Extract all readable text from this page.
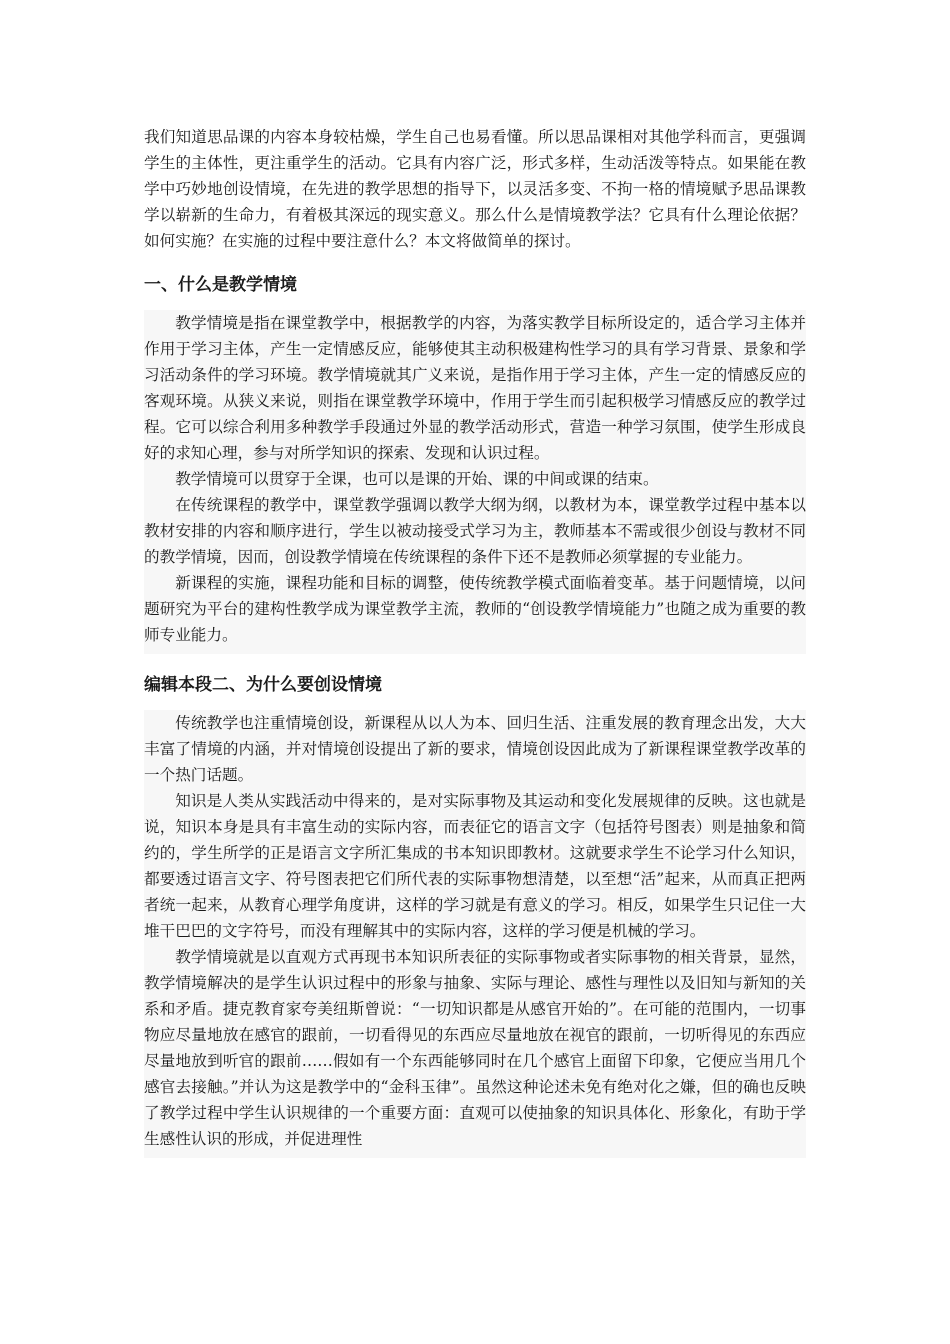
我们知道思品课的内容本身较枯燥，学生自己也易看懂。所以思品课相对其他学科而言，更强调学生的主体性，更注重学生的活动。它具有内容广泛，形式多样，生动活泼等特点。如果能在教学中巧妙地创设情境，在先进的教学思想的指导下，以灵活多变、不拘一格的情境赋予思品课教学以崭新的生命力，有着极其深远的现实意义。那么什么是情境教学法？它具有什么理论依据？如何实施？在实施的过程中要注意什么？本文将做简单的探讨。

一、什么是教学情境

教学情境是指在课堂教学中，根据教学的内容，为落实教学目标所设定的，适合学习主体并作用于学习主体，产生一定情感反应，能够使其主动积极建构性学习的具有学习背景、景象和学习活动条件的学习环境。教学情境就其广义来说，是指作用于学习主体，产生一定的情感反应的客观环境。从狭义来说，则指在课堂教学环境中，作用于学生而引起积极学习情感反应的教学过程。它可以综合利用多种教学手段通过外显的教学活动形式，营造一种学习氛围，使学生形成良好的求知心理，参与对所学知识的探索、发现和认识过程。

教学情境可以贯穿于全课，也可以是课的开始、课的中间或课的结束。

在传统课程的教学中，课堂教学强调以教学大纲为纲，以教材为本，课堂教学过程中基本以教材安排的内容和顺序进行，学生以被动接受式学习为主，教师基本不需或很少创设与教材不同的教学情境，因而，创设教学情境在传统课程的条件下还不是教师必须掌握的专业能力。

新课程的实施，课程功能和目标的调整，使传统教学模式面临着变革。基于问题情境，以问题研究为平台的建构性教学成为课堂教学主流，教师的“创设教学情境能力”也随之成为重要的教师专业能力。

编辑本段二、为什么要创设情境

传统教学也注重情境创设，新课程从以人为本、回归生活、注重发展的教育理念出发，大大丰富了情境的内涵，并对情境创设提出了新的要求，情境创设因此成为了新课程课堂教学改革的一个热门话题。

知识是人类从实践活动中得来的，是对实际事物及其运动和变化发展规律的反映。这也就是说，知识本身是具有丰富生动的实际内容，而表征它的语言文字（包括符号图表）则是抽象和简约的，学生所学的正是语言文字所汇集成的书本知识即教材。这就要求学生不论学习什么知识，都要透过语言文字、符号图表把它们所代表的实际事物想清楚，以至想“活”起来，从而真正把两者统一起来，从教育心理学角度讲，这样的学习就是有意义的学习。相反，如果学生只记住一大堆干巴巴的文字符号，而没有理解其中的实际内容，这样的学习便是机械的学习。

教学情境就是以直观方式再现书本知识所表征的实际事物或者实际事物的相关背景，显然，教学情境解决的是学生认识过程中的形象与抽象、实际与理论、感性与理性以及旧知与新知的关系和矛盾。捷克教育家夸美纽斯曾说：“一切知识都是从感官开始的”。在可能的范围内，一切事物应尽量地放在感官的跟前，一切看得见的东西应尽量地放在视官的跟前，一切听得见的东西应尽量地放到听官的跟前……假如有一个东西能够同时在几个感官上面留下印象，它便应当用几个感官去接触。”并认为这是教学中的“金科玉律”。虽然这种论述未免有绝对化之嫌，但的确也反映了教学过程中学生认识规律的一个重要方面：直观可以使抽象的知识具体化、形象化，有助于学生感性认识的形成，并促进理性
